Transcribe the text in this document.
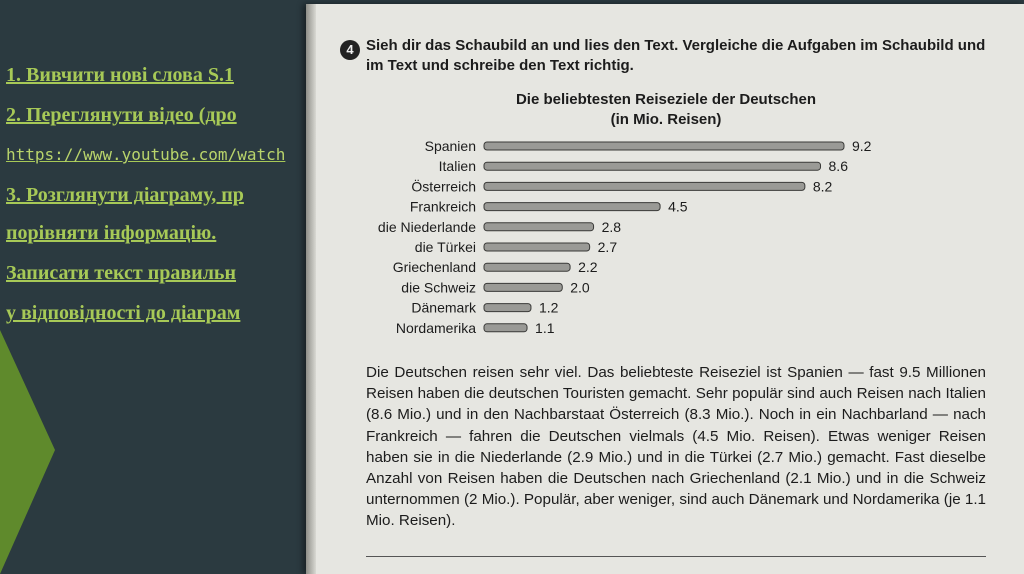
1. Вивчити нові слова S.1
2. Переглянути відео (дро
https://www.youtube.com/watch
3. Розглянути діаграму, пр
порівняти інформацію.
Записати текст правильн
у відповідності до діаграм
4 Sieh dir das Schaubild an und lies den Text. Vergleiche die Aufgaben im Schaubild und im Text und schreibe den Text richtig.
Die beliebtesten Reiseziele der Deutschen
(in Mio. Reisen)
Spanien	9.2
Italien	8.6
Österreich	8.2
Frankreich	4.5
die Niederlande	2.8
die Türkei	2.7
Griechenland	2.2
die Schweiz	2.0
Dänemark	1.2
Nordamerika	1.1
Die Deutschen reisen sehr viel. Das beliebteste Reiseziel ist Spanien — fast 9.5 Millionen Reisen haben die deutschen Touristen gemacht. Sehr populär sind auch Reisen nach Italien (8.6 Mio.) und in den Nachbarstaat Österreich (8.3 Mio.). Noch in ein Nachbarland — nach Frankreich — fahren die Deutschen vielmals (4.5 Mio. Reisen). Etwas weniger Reisen haben sie in die Niederlande (2.9 Mio.) und in die Türkei (2.7 Mio.) gemacht. Fast dieselbe Anzahl von Reisen haben die Deutschen nach Griechenland (2.1 Mio.) und in die Schweiz unternommen (2 Mio.). Populär, aber weniger, sind auch Dänemark und Nordamerika (je 1.1 Mio. Reisen).
